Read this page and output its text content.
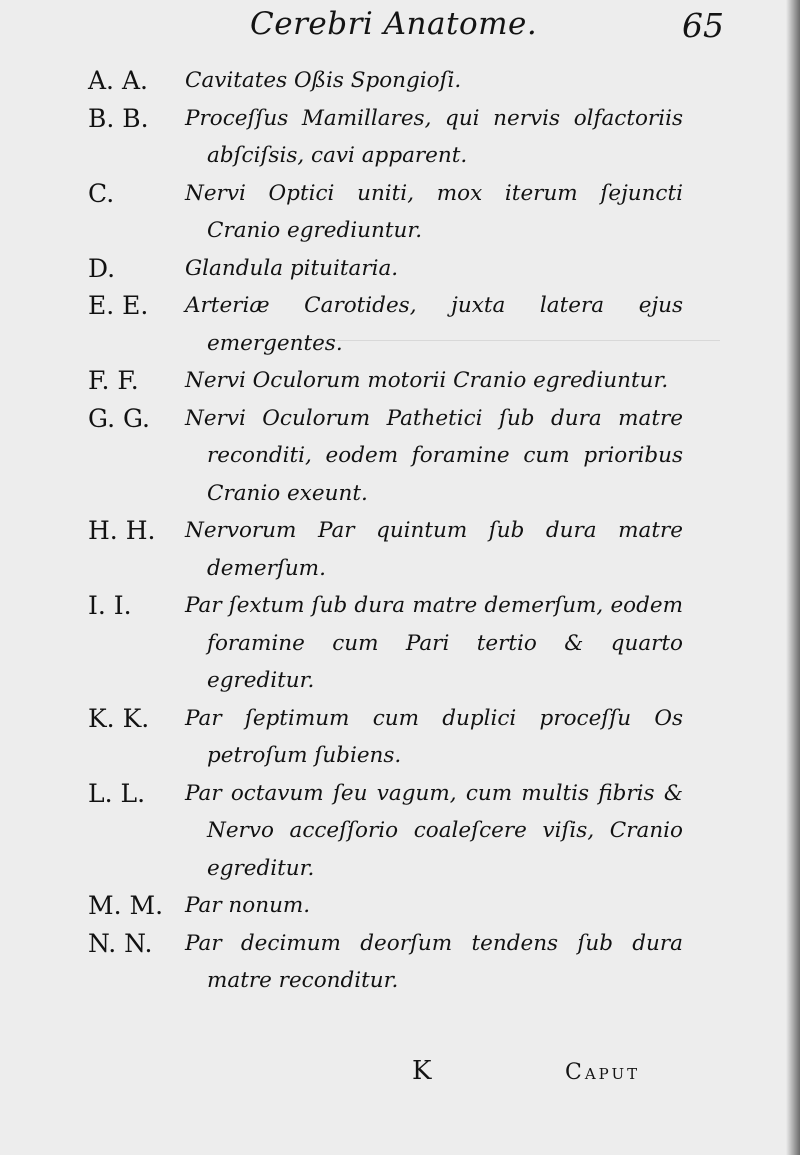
Cerebri Anatome.	65
A. A. Cavitates Oßis Spongioſi.
B. B. Proceſſus Mamillares, qui nervis olfactoriis abſciſsis, cavi apparent.
C.	Nervi Optici uniti, mox iterum ſejuncti Cranio egrediuntur.
D.	Glandula pituitaria.
E. E. Arteriæ Carotides, juxta latera ejus emergentes.
F. F. Nervi Oculorum motorii Cranio egrediuntur.
G. G. Nervi Oculorum Pathetici ſub dura matre reconditi, eodem foramine cum prioribus Cranio exeunt.
H. H. Nervorum Par quintum ſub dura matre demerſum.
I. I. Par ſextum ſub dura matre demerſum, eodem foramine cum Pari tertio & quarto egreditur.
K. K. Par ſeptimum cum duplici proceſſu Os petroſum ſubiens.
L. L. Par octavum ſeu vagum, cum multis fibris & Nervo acceſſorio coaleſcere viſis, Cranio egreditur.
M. M. Par nonum.
N. N. Par decimum deorſum tendens ſub dura matre reconditur.
K	Caput
